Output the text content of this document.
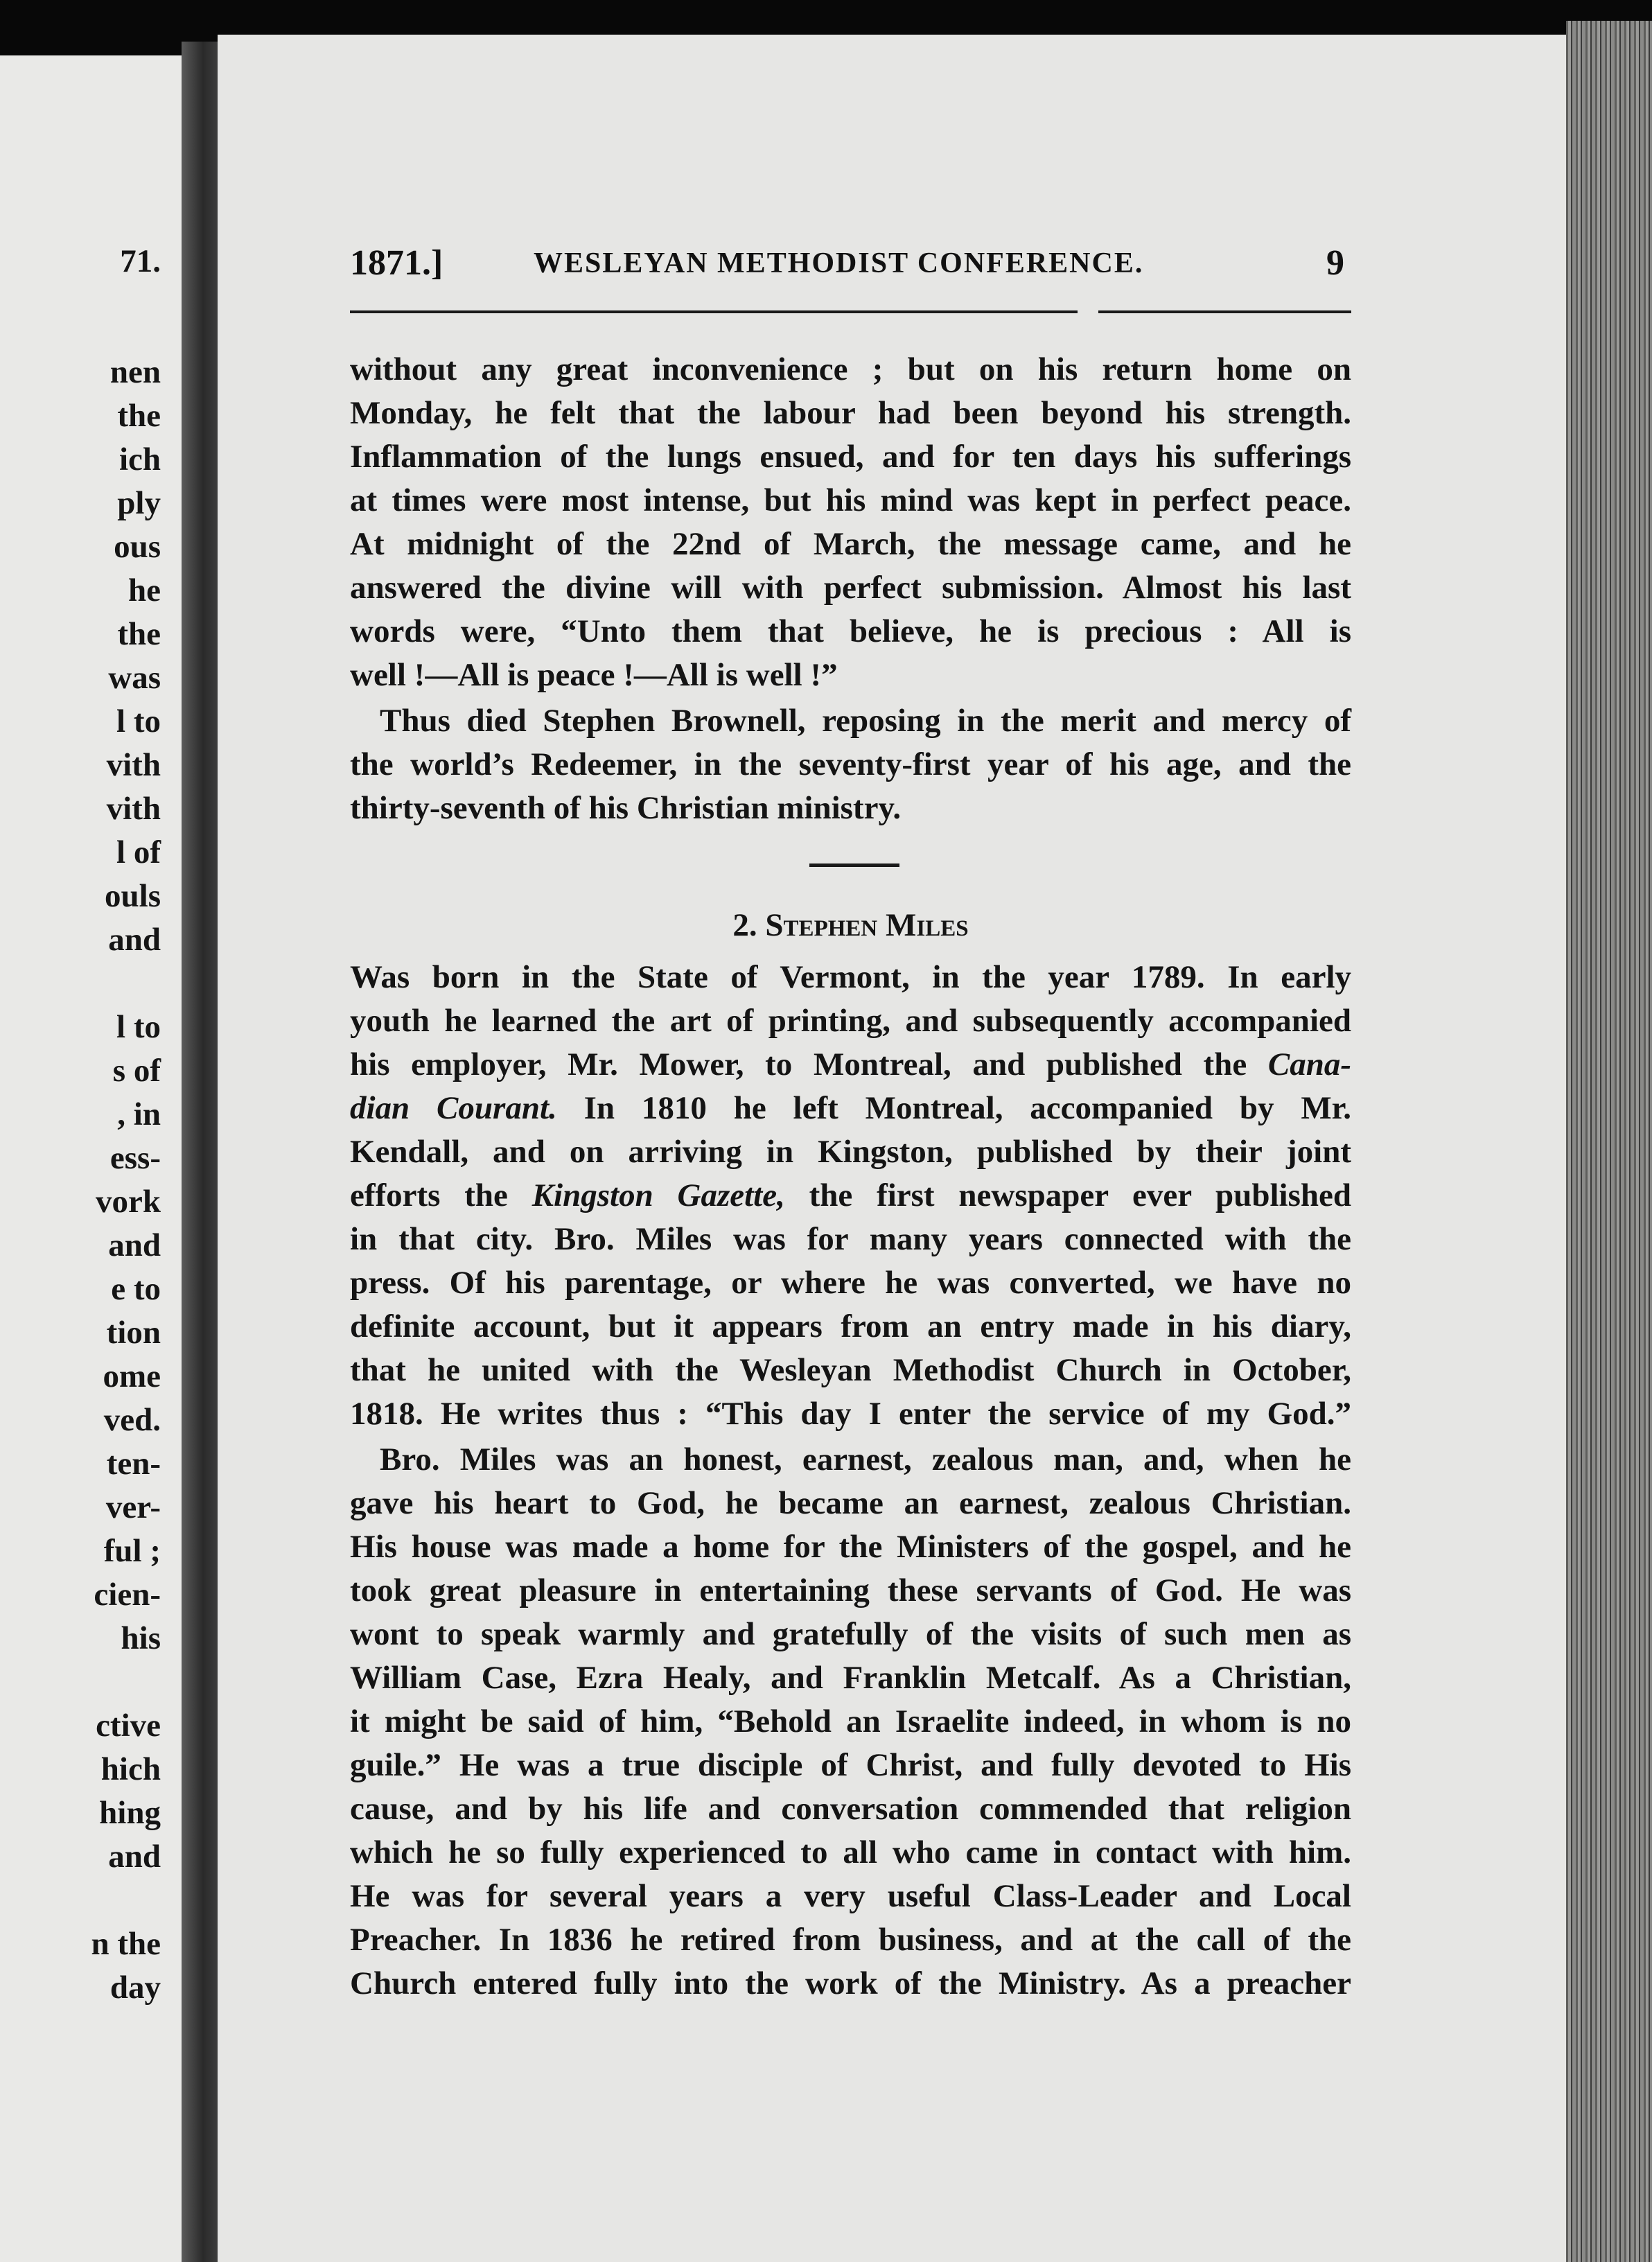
71.
nen
the
ich
ply
ous
he
the
was
l to
vith
vith
l of
ouls
and
l to
s of
, in
ess-
vork
and
e to
tion
ome
ved.
ten-
ver-
ful ;
cien-
his
ctive
hich
hing
and
n the
day
1871.]	WESLEYAN METHODIST CONFERENCE.	9
without any great inconvenience ; but on his return home on
Monday, he felt that the labour had been beyond his strength.
Inflammation of the lungs ensued, and for ten days his sufferings
at times were most intense, but his mind was kept in perfect peace.
At midnight of the 22nd of March, the message came, and he
answered the divine will with perfect submission. Almost his last
words were, “Unto them that believe, he is precious : All is
well !—All is peace !—All is well !”
Thus died Stephen Brownell, reposing in the merit and mercy of
the world’s Redeemer, in the seventy-first year of his age, and the
thirty-seventh of his Christian ministry.
2. Stephen Miles
Was born in the State of Vermont, in the year 1789. In early
youth he learned the art of printing, and subsequently accompanied
his employer, Mr. Mower, to Montreal, and published the Cana-
dian Courant. In 1810 he left Montreal, accompanied by Mr.
Kendall, and on arriving in Kingston, published by their joint
efforts the Kingston Gazette, the first newspaper ever published
in that city. Bro. Miles was for many years connected with the
press. Of his parentage, or where he was converted, we have no
definite account, but it appears from an entry made in his diary,
that he united with the Wesleyan Methodist Church in October,
1818. He writes thus : “This day I enter the service of my God.”
Bro. Miles was an honest, earnest, zealous man, and, when he
gave his heart to God, he became an earnest, zealous Christian.
His house was made a home for the Ministers of the gospel, and he
took great pleasure in entertaining these servants of God. He was
wont to speak warmly and gratefully of the visits of such men as
William Case, Ezra Healy, and Franklin Metcalf. As a Christian,
it might be said of him, “Behold an Israelite indeed, in whom is no
guile.” He was a true disciple of Christ, and fully devoted to His
cause, and by his life and conversation commended that religion
which he so fully experienced to all who came in contact with him.
He was for several years a very useful Class-Leader and Local
Preacher. In 1836 he retired from business, and at the call of the
Church entered fully into the work of the Ministry. As a preacher
